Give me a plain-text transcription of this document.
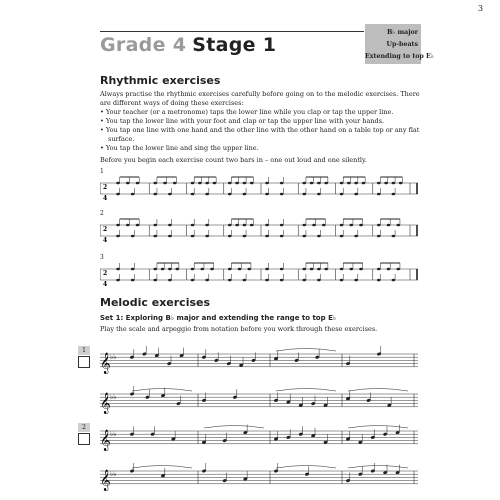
3
Grade 4 Stage 1
B♭ major
Up-beats
Extending to top E♭
Rhythmic exercises

Always practise the rhythmic exercises carefully before going on to the melodic exercises. There are different ways of doing these exercises:

• Your teacher (or a metronome) taps the lower line while you clap or tap the upper line.

• You tap the lower line with your foot and clap or tap the upper line with your hands.

• You tap one line with one hand and the other line with the other hand on a table top or any flat surface.

• You tap the lower line and sing the upper line.

Before you begin each exercise count two bars in – one out loud and one silently.

1
2
4
2
2
4
3
2
4
Melodic exercises
Set 1: Exploring B♭ major and extending the range to top E♭
Play the scale and arpeggio from notation before you work through these exercises.
1
𝄞 ♭♭
𝄞 ♭♭
2
𝄞 ♭♭
𝄞 ♭♭
